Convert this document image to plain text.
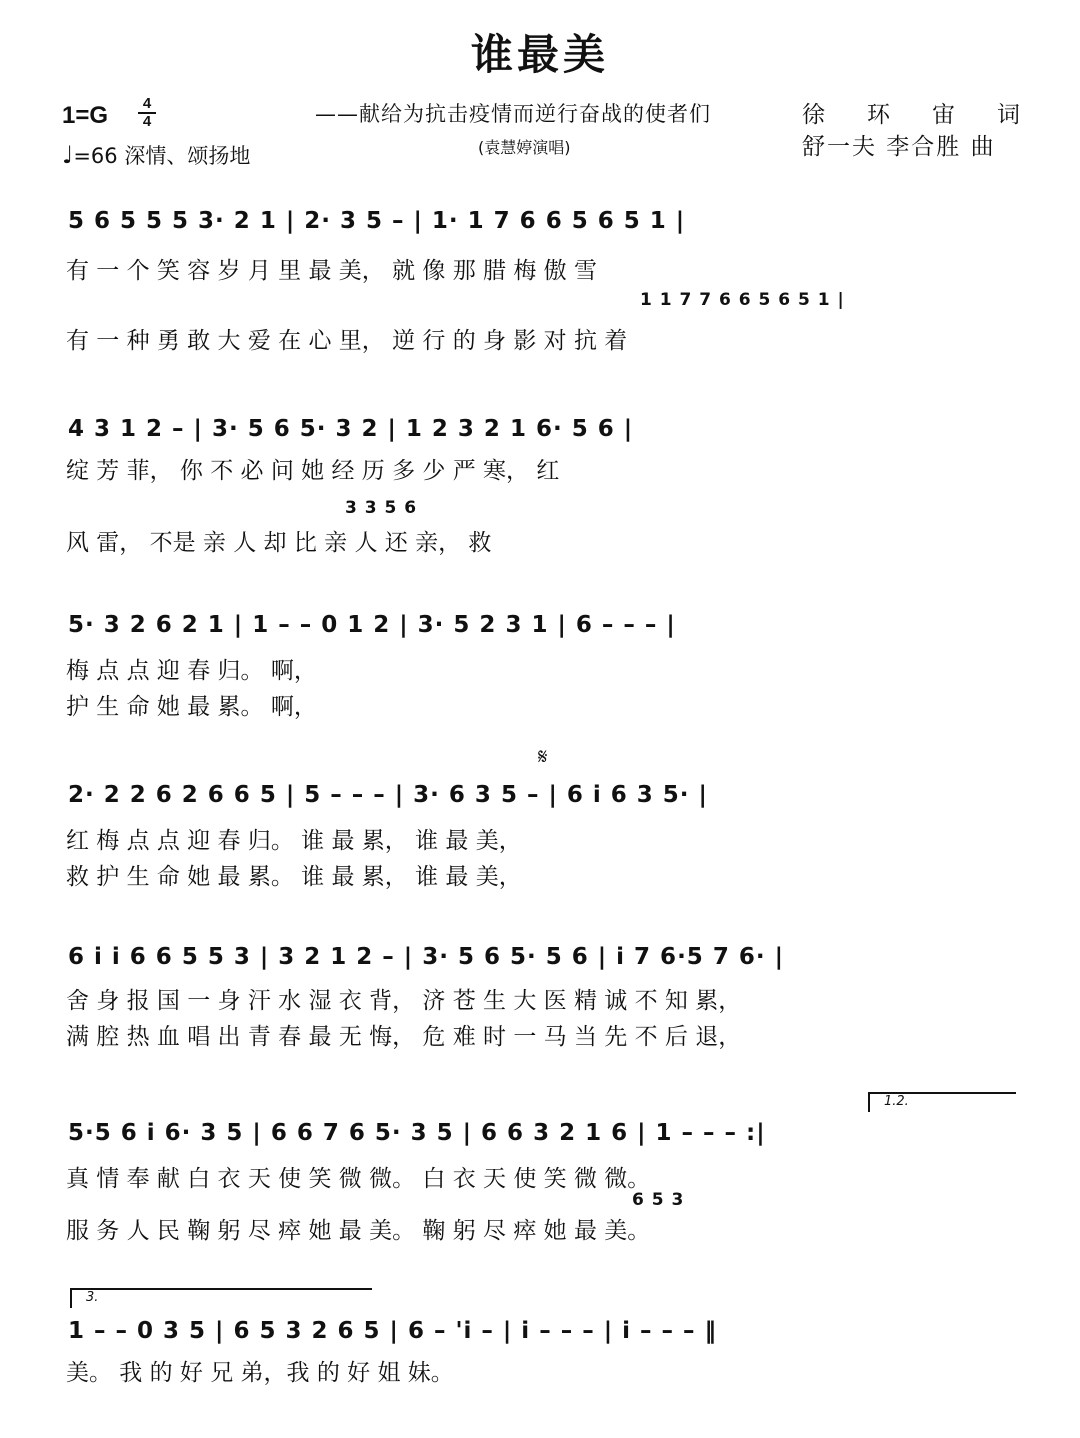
谁最美
1=G	4
4
♩=66 深情、颂扬地
——献给为抗击疫情而逆行奋战的使者们
(袁慧婷演唱)
徐 环 宙 词
舒一夫 李合胜 曲
5 6 5 5 5 3· 2 1 | 2· 3 5 – | 1· 1 7 6 6 5 6 5 1 |
有 一 个 笑 容 岁 月 里 最 美， 就 像 那 腊 梅 傲 雪
1 1 7 7 6 6 5 6 5 1 |
有 一 种 勇 敢 大 爱 在 心 里， 逆 行 的 身 影 对 抗 着
4 3 1 2 – | 3· 5 6 5· 3 2 | 1 2 3 2 1 6· 5 6 |
绽 芳 菲， 你 不 必 问 她 经 历 多 少 严 寒， 红
3 3 5 6
风 雷， 不是 亲 人 却 比 亲 人 还 亲， 救
5· 3 2 6 2 1 | 1 – – 0 1 2 | 3· 5 2 3 1 | 6 – – – |
梅 点 点 迎 春 归。 啊，
护 生 命 她 最 累。 啊，
𝄋
2· 2 2 6 2 6 6 5 | 5 – – – | 3· 6 3 5 – | 6 i 6 3 5· |
红 梅 点 点 迎 春 归。 谁 最 累， 谁 最 美，
救 护 生 命 她 最 累。 谁 最 累， 谁 最 美，
6 i i 6 6 5 5 3 | 3 2 1 2 – | 3· 5 6 5· 5 6 | i 7 6·5 7 6· |
舍 身 报 国 一 身 汗 水 湿 衣 背， 济 苍 生 大 医 精 诚 不 知 累，
满 腔 热 血 唱 出 青 春 最 无 悔， 危 难 时 一 马 当 先 不 后 退，
1.2.
5·5 6 i 6· 3 5 | 6 6 7 6 5· 3 5 | 6 6 3 2 1 6 | 1 – – – :|
真 情 奉 献 白 衣 天 使 笑 微 微。 白 衣 天 使 笑 微 微。
6 5 3
服 务 人 民 鞠 躬 尽 瘁 她 最 美。 鞠 躬 尽 瘁 她 最 美。
3.
1 – – 0 3 5 | 6 5 3 2 6 5 | 6 – 'i – | i – – – | i – – – ‖
美。 我 的 好 兄 弟，我 的 好 姐 妹。
